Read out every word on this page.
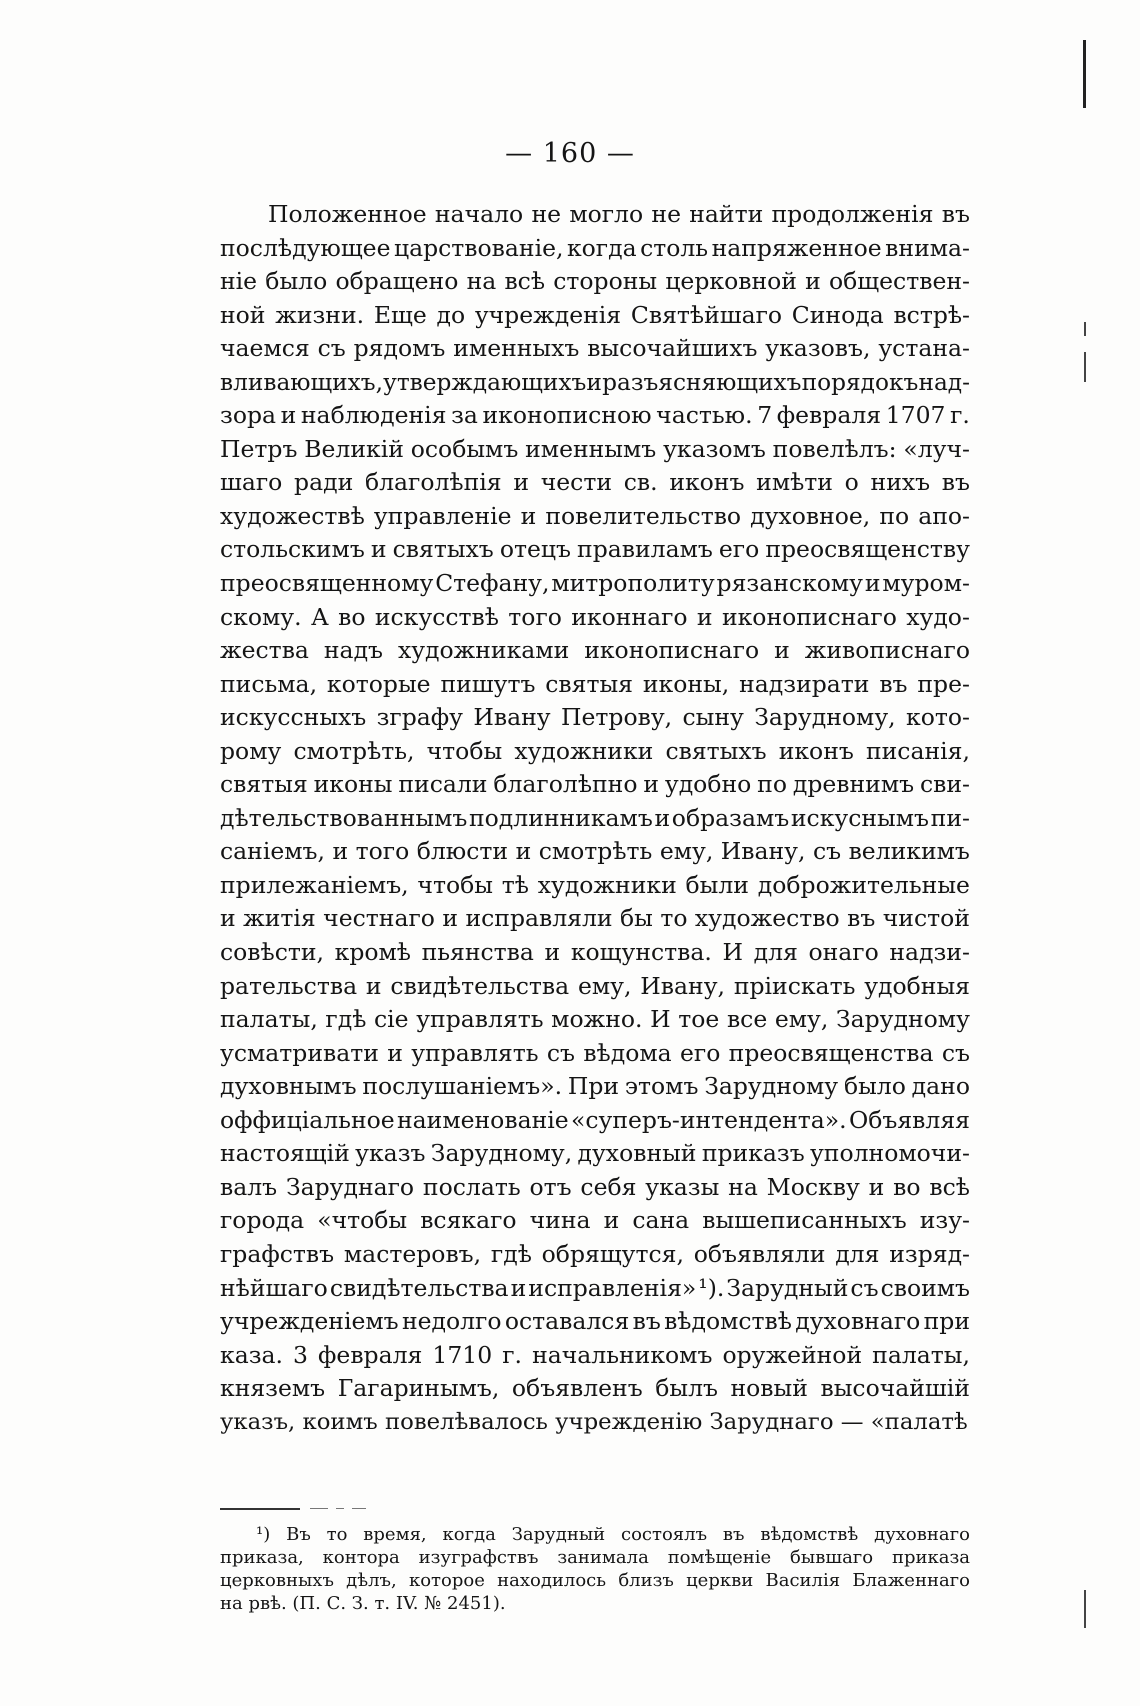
— 160 —
Положенное начало не могло не найти продолженія въ
послѣдующее царствованіе, когда столь напряженное внима-
ніе было обращено на всѣ стороны церковной и обществен-
ной жизни. Еще до учрежденія Святѣйшаго Синода встрѣ-
чаемся съ рядомъ именныхъ высочайшихъ указовъ, устана-
вливающихъ, утверждающихъ и разъясняющихъ порядокъ над-
зора и наблюденія за иконописною частью. 7 февраля 1707 г.
Петръ Великій особымъ именнымъ указомъ повелѣлъ: «луч-
шаго ради благолѣпія и чести св. иконъ имѣти о нихъ въ
художествѣ управленіе и повелительство духовное, по апо-
стольскимъ и святыхъ отецъ правиламъ его преосвященству
преосвященному Стефану, митрополиту рязанскому и муром-
скому. А во искусствѣ того иконнаго и иконописнаго худо-
жества надъ художниками иконописнаго и живописнаго
письма, которые пишутъ святыя иконы, надзирати въ пре-
искуссныхъ зграфу Ивану Петрову, сыну Зарудному, кото-
рому смотрѣть, чтобы художники святыхъ иконъ писанія,
святыя иконы писали благолѣпно и удобно по древнимъ сви-
дѣтельствованнымъ подлинникамъ и образамъ искуснымъ пи-
саніемъ, и того блюсти и смотрѣть ему, Ивану, съ великимъ
прилежаніемъ, чтобы тѣ художники были доброжительные
и житія честнаго и исправляли бы то художество въ чистой
совѣсти, кромѣ пьянства и кощунства. И для онаго надзи-
рательства и свидѣтельства ему, Ивану, пріискать удобныя
палаты, гдѣ сіе управлять можно. И тое все ему, Зарудному
усматривати и управлять съ вѣдома его преосвященства съ
духовнымъ послушаніемъ». При этомъ Зарудному было дано
оффиціальное наименованіе «суперъ-интендента». Объявляя
настоящій указъ Зарудному, духовный приказъ уполномочи-
валъ Заруднаго послать отъ себя указы на Москву и во всѣ
города «чтобы всякаго чина и сана вышеписанныхъ изу-
графствъ мастеровъ, гдѣ обрящутся, объявляли для изряд-
нѣйшаго свидѣтельства и исправленія» ¹). Зарудный съ своимъ
учрежденіемъ недолго оставался въ вѣдомствѣ духовнаго при
каза. 3 февраля 1710 г. начальникомъ оружейной палаты,
княземъ Гагаринымъ, объявленъ былъ новый высочайшій
указъ, коимъ повелѣвалось учрежденію Заруднаго — «палатѣ
¹) Въ то время, когда Зарудный состоялъ въ вѣдомствѣ духовнаго
приказа, контора изуграфствъ занимала помѣщеніе бывшаго приказа
церковныхъ дѣлъ, которое находилось близъ церкви Василія Блаженнаго
на рвѣ. (П. С. З. т. IV. № 2451).
